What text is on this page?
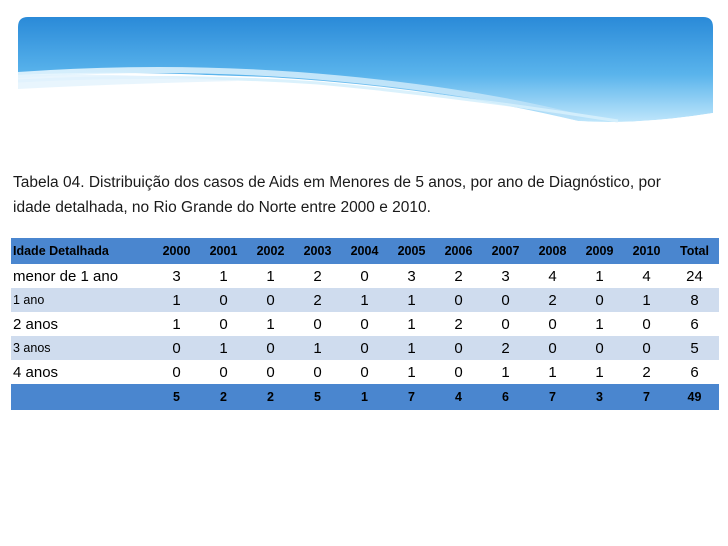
Tabela 04. Distribuição dos casos de Aids em Menores de 5 anos, por ano de Diagnóstico, por
idade detalhada, no Rio Grande do Norte entre 2000 e 2010.
Idade Detalhada	2000	2001	2002	2003	2004	2005	2006	2007	2008	2009	2010	Total
menor de 1 ano	3	1	1	2	0	3	2	3	4	1	4	24
1 ano	1	0	0	2	1	1	0	0	2	0	1	8
2 anos	1	0	1	0	0	1	2	0	0	1	0	6
3 anos	0	1	0	1	0	1	0	2	0	0	0	5
4 anos	0	0	0	0	0	1	0	1	1	1	2	6
	5	2	2	5	1	7	4	6	7	3	7	49
